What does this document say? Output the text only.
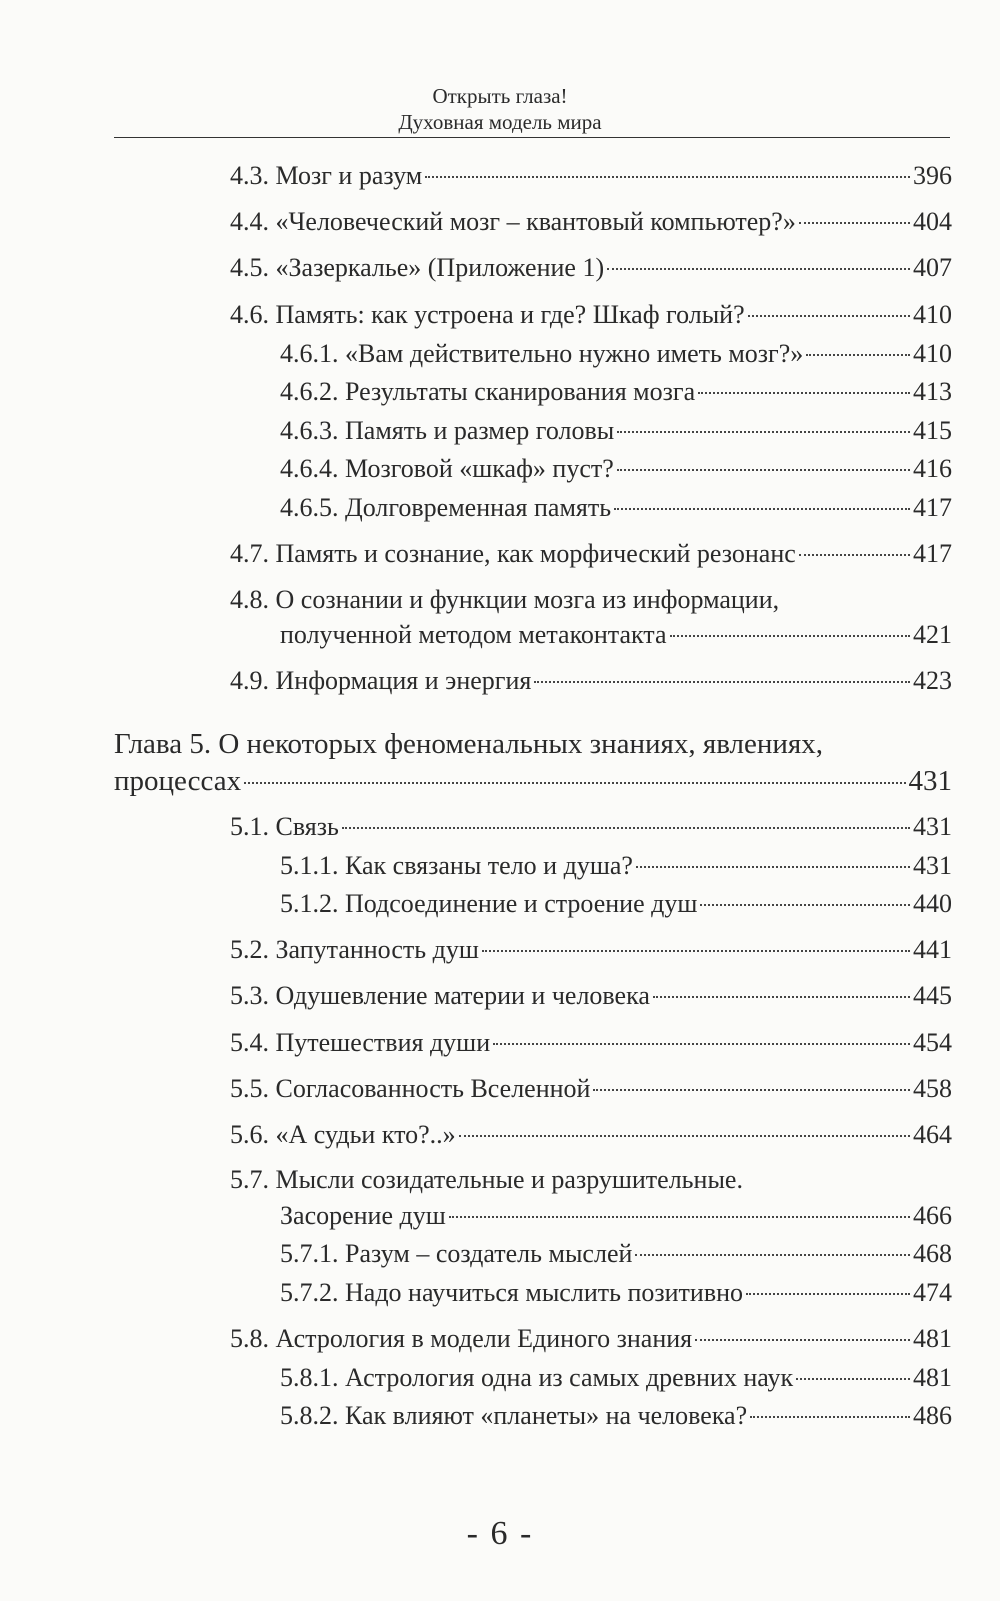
Открыть глаза!
Духовная модель мира
4.3. Мозг и разум	396
4.4. «Человеческий мозг – квантовый компьютер?»	404
4.5. «Зазеркалье» (Приложение 1)	407
4.6. Память: как устроена и где? Шкаф голый?	410
4.6.1. «Вам действительно нужно иметь мозг?»	410
4.6.2. Результаты сканирования мозга	413
4.6.3. Память и размер головы	415
4.6.4. Мозговой «шкаф» пуст?	416
4.6.5. Долговременная память	417
4.7. Память и сознание, как морфический резонанс	417
4.8. О сознании и функции мозга из информации,
полученной методом метаконтакта	421
4.9. Информация и энергия	423
Глава 5. О некоторых феноменальных знаниях, явлениях,
процессах	431
5.1. Связь	431
5.1.1. Как связаны тело и душа?	431
5.1.2. Подсоединение и строение душ	440
5.2. Запутанность душ	441
5.3. Одушевление материи и человека	445
5.4. Путешествия души	454
5.5. Согласованность Вселенной	458
5.6. «А судьи кто?..»	464
5.7. Мысли созидательные и разрушительные.
Засорение душ	466
5.7.1. Разум – создатель мыслей	468
5.7.2. Надо научиться мыслить позитивно	474
5.8. Астрология в модели Единого знания	481
5.8.1. Астрология одна из самых древних наук	481
5.8.2. Как влияют «планеты» на человека?	486
- 6 -
